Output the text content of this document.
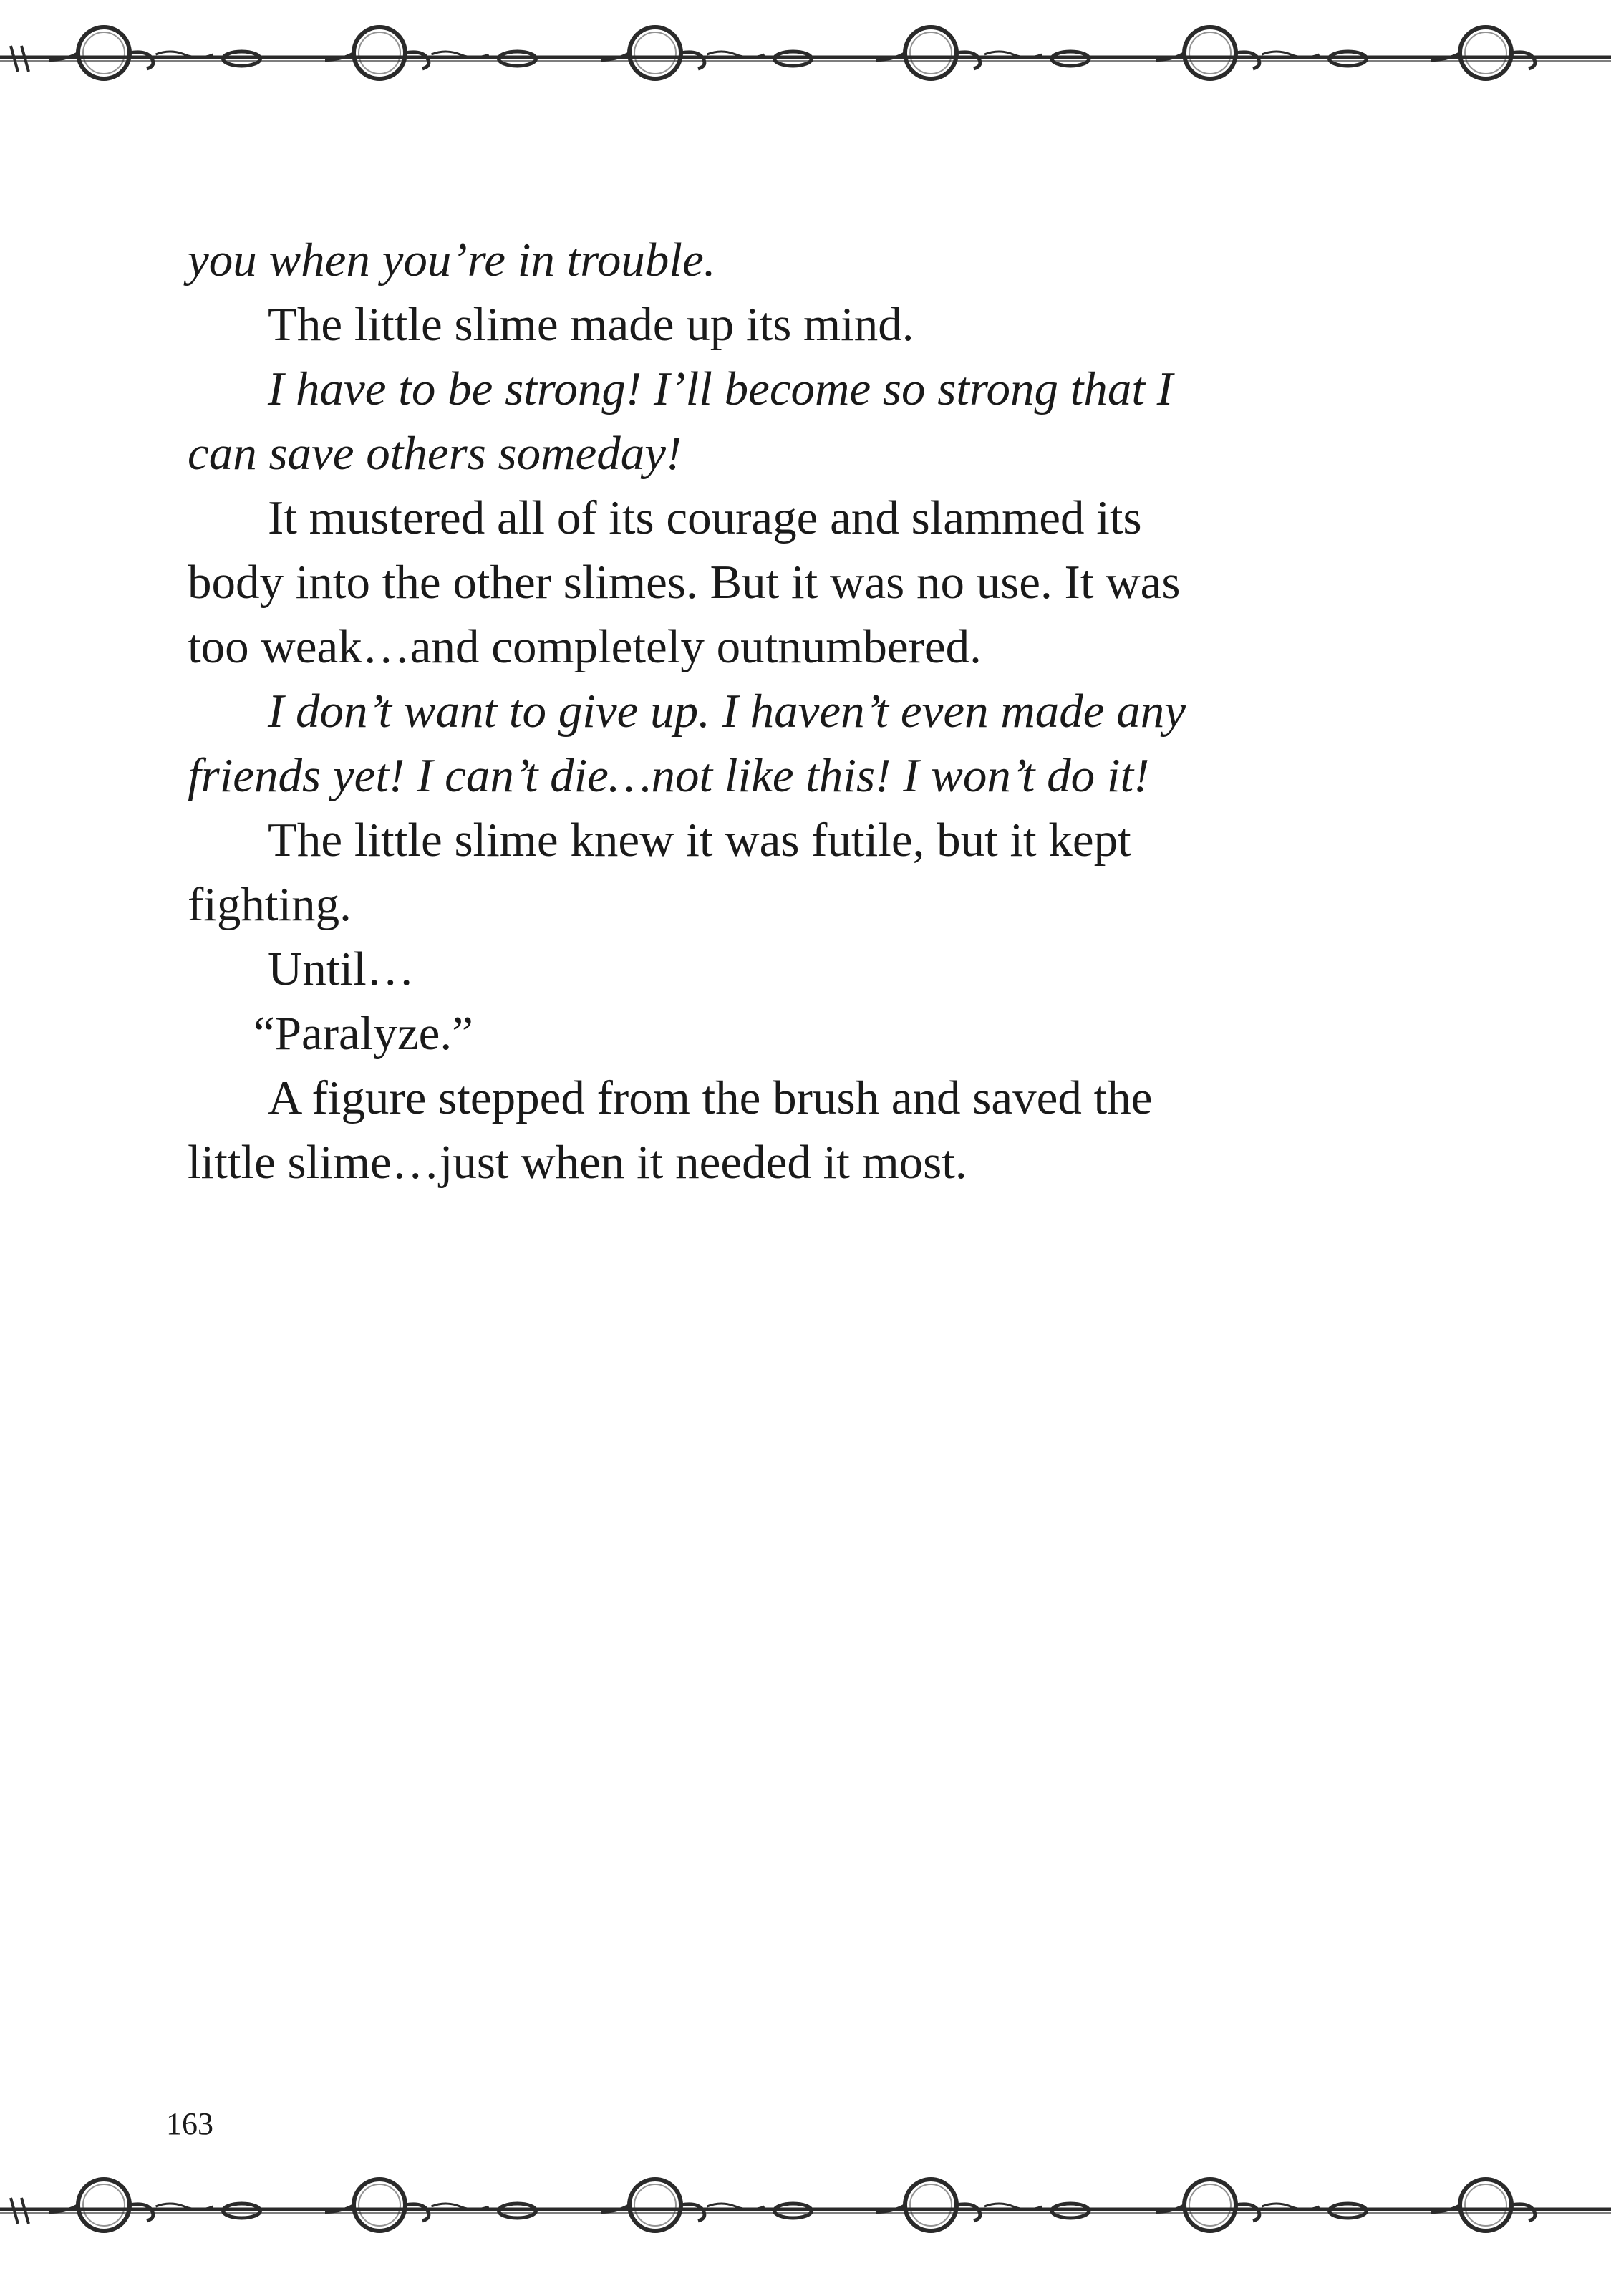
you when you’re in trouble.
The little slime made up its mind.
I have to be strong! I’ll become so strong that I
can save others someday!
It mustered all of its courage and slammed its
body into the other slimes. But it was no use. It was
too weak…and completely outnumbered.
I don’t want to give up. I haven’t even made any
friends yet! I can’t die…not like this! I won’t do it!
The little slime knew it was futile, but it kept
fighting.
Until…
“Paralyze.”
A figure stepped from the brush and saved the
little slime…just when it needed it most.
163
